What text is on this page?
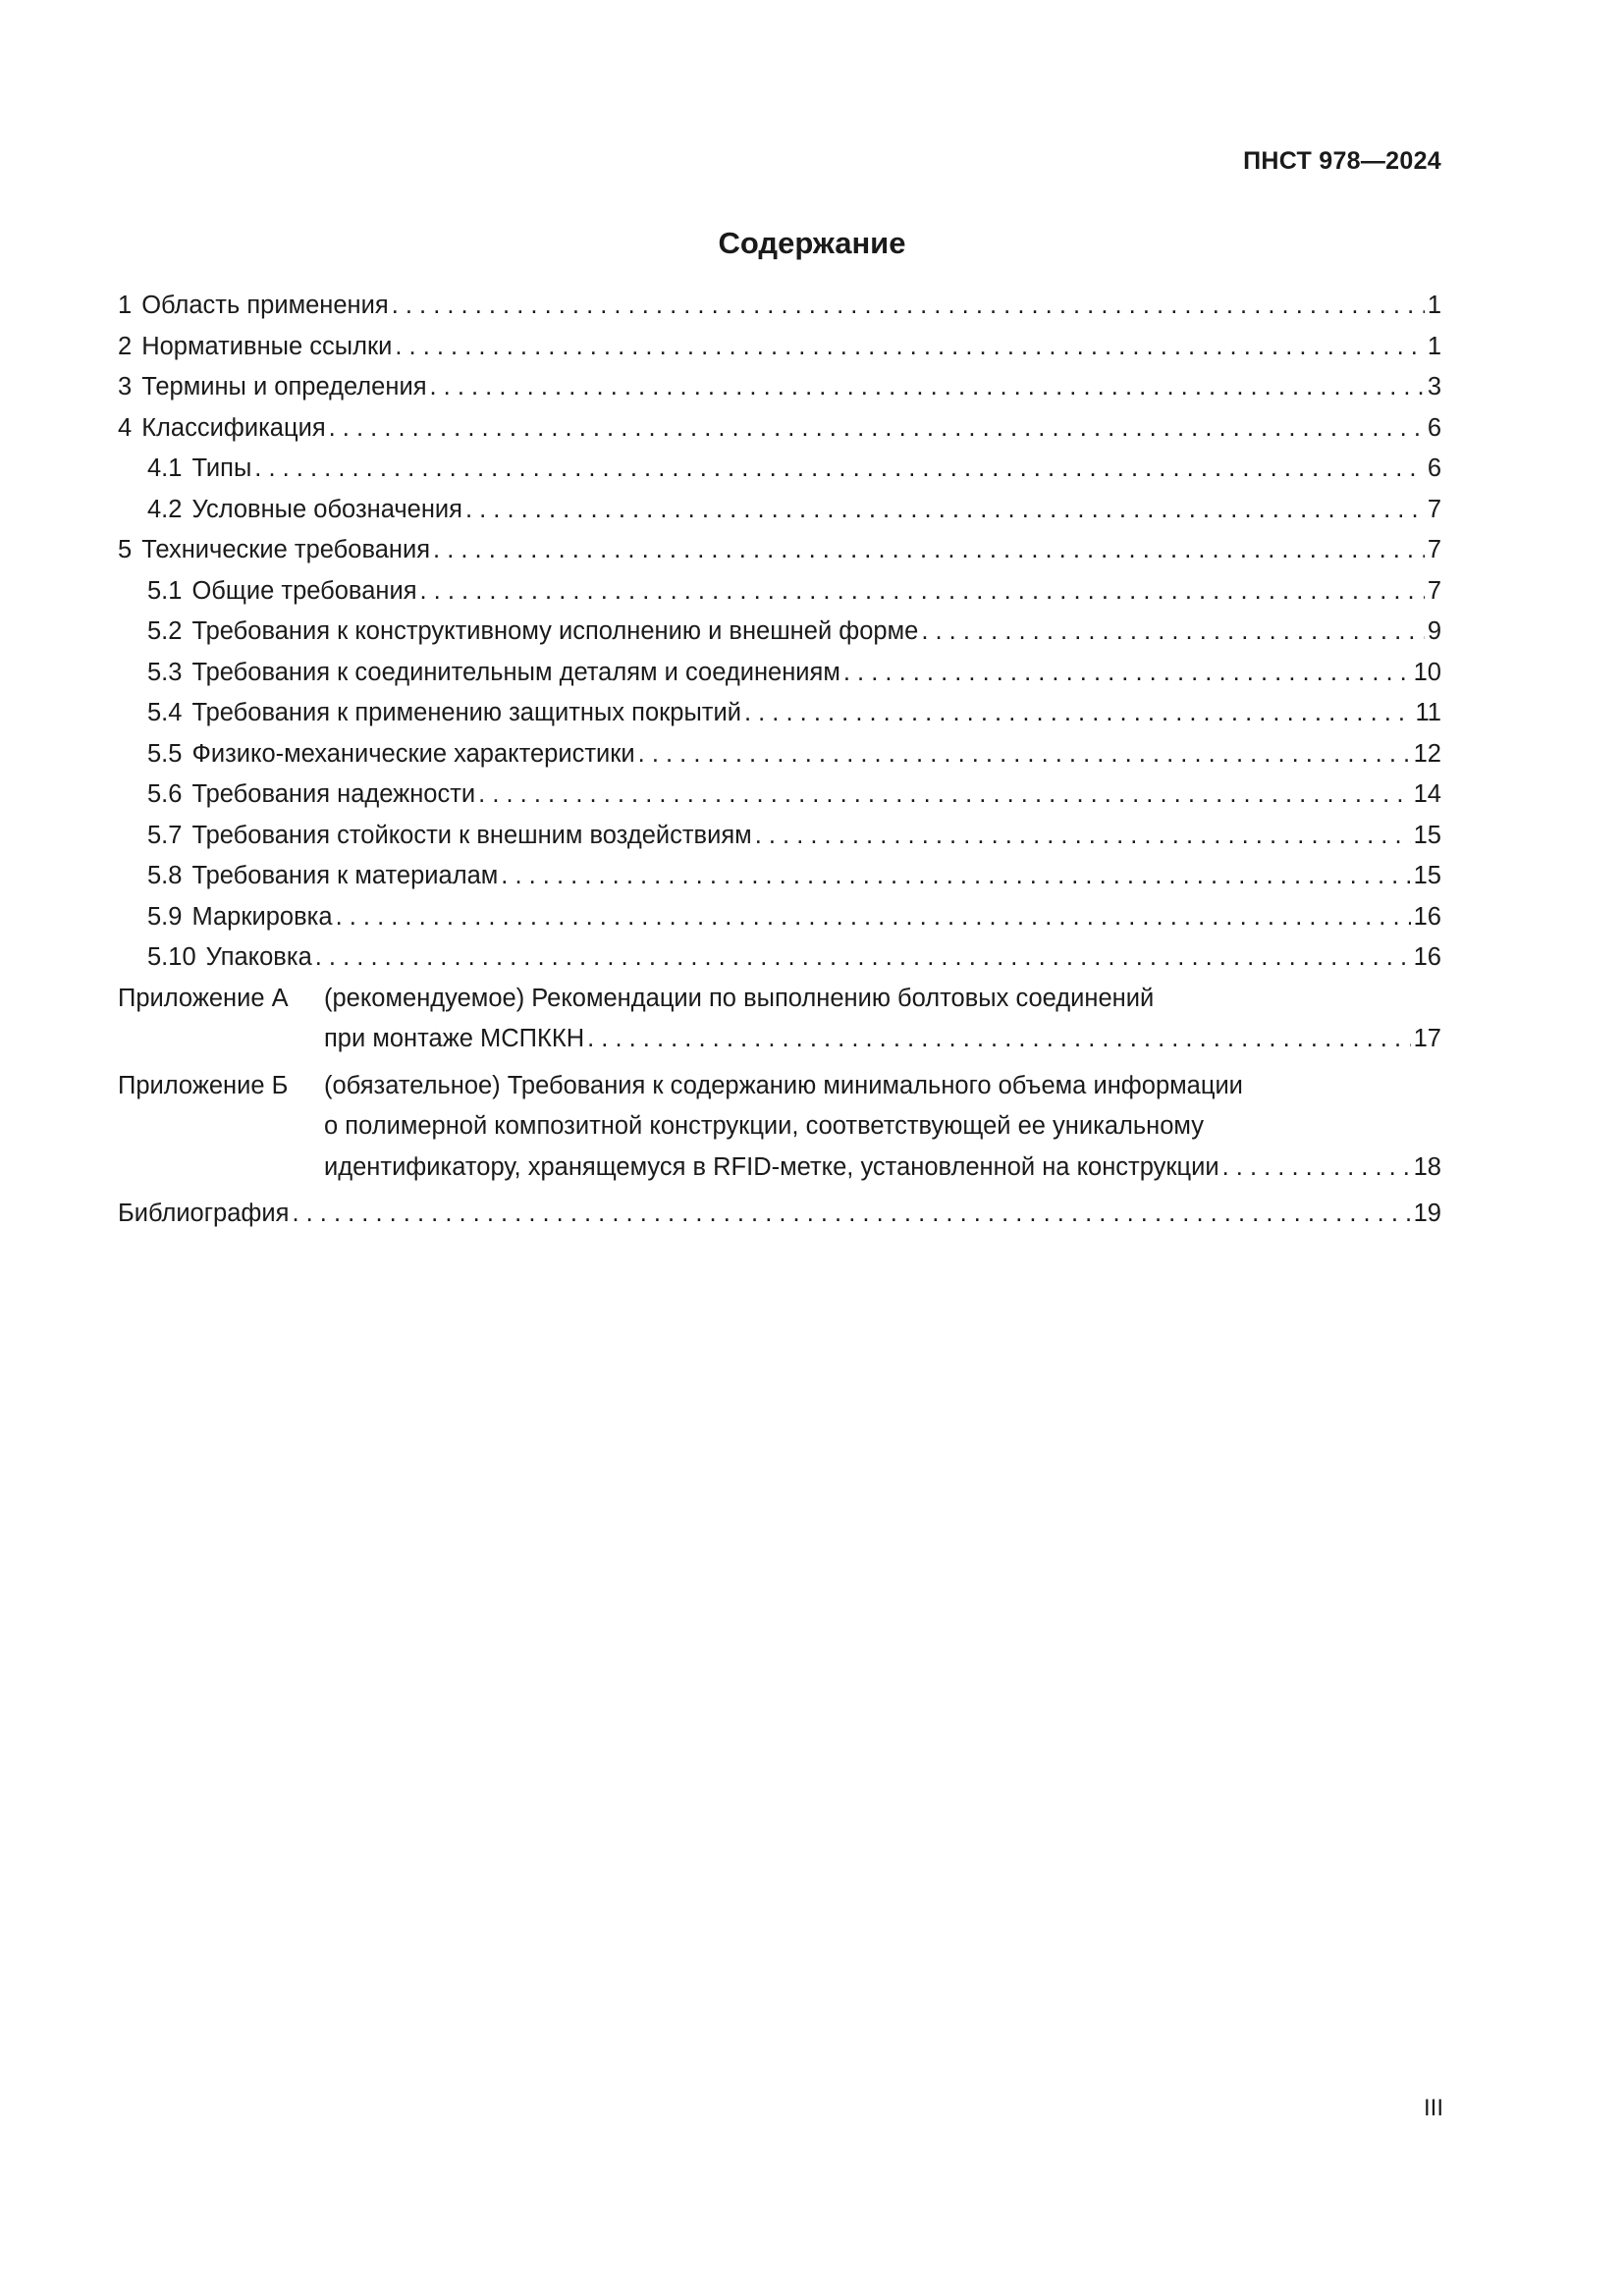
ПНСТ 978—2024
Содержание
1 Область применения . . .	1
2 Нормативные ссылки . . .	1
3 Термины и определения . . .	3
4 Классификация . . .	6
4.1 Типы . . .	6
4.2 Условные обозначения . . .	7
5 Технические требования . . .	7
5.1 Общие требования . . .	7
5.2 Требования к конструктивному исполнению и внешней форме . . .	9
5.3 Требования к соединительным деталям и соединениям . . .	10
5.4 Требования к применению защитных покрытий . . .	11
5.5 Физико-механические характеристики . . .	12
5.6 Требования надежности . . .	14
5.7 Требования стойкости к внешним воздействиям . . .	15
5.8 Требования к материалам . . .	15
5.9 Маркировка . . .	16
5.10 Упаковка . . .	16
Приложение А	(рекомендуемое) Рекомендации по выполнению болтовых соединений
при монтаже МСПККН . . .	17
Приложение Б	(обязательное) Требования к содержанию минимального объема информации
о полимерной композитной конструкции, соответствующей ее уникальному
идентификатору, хранящемуся в RFID-метке, установленной на конструкции . . .	18
Библиография . . .	19
III
